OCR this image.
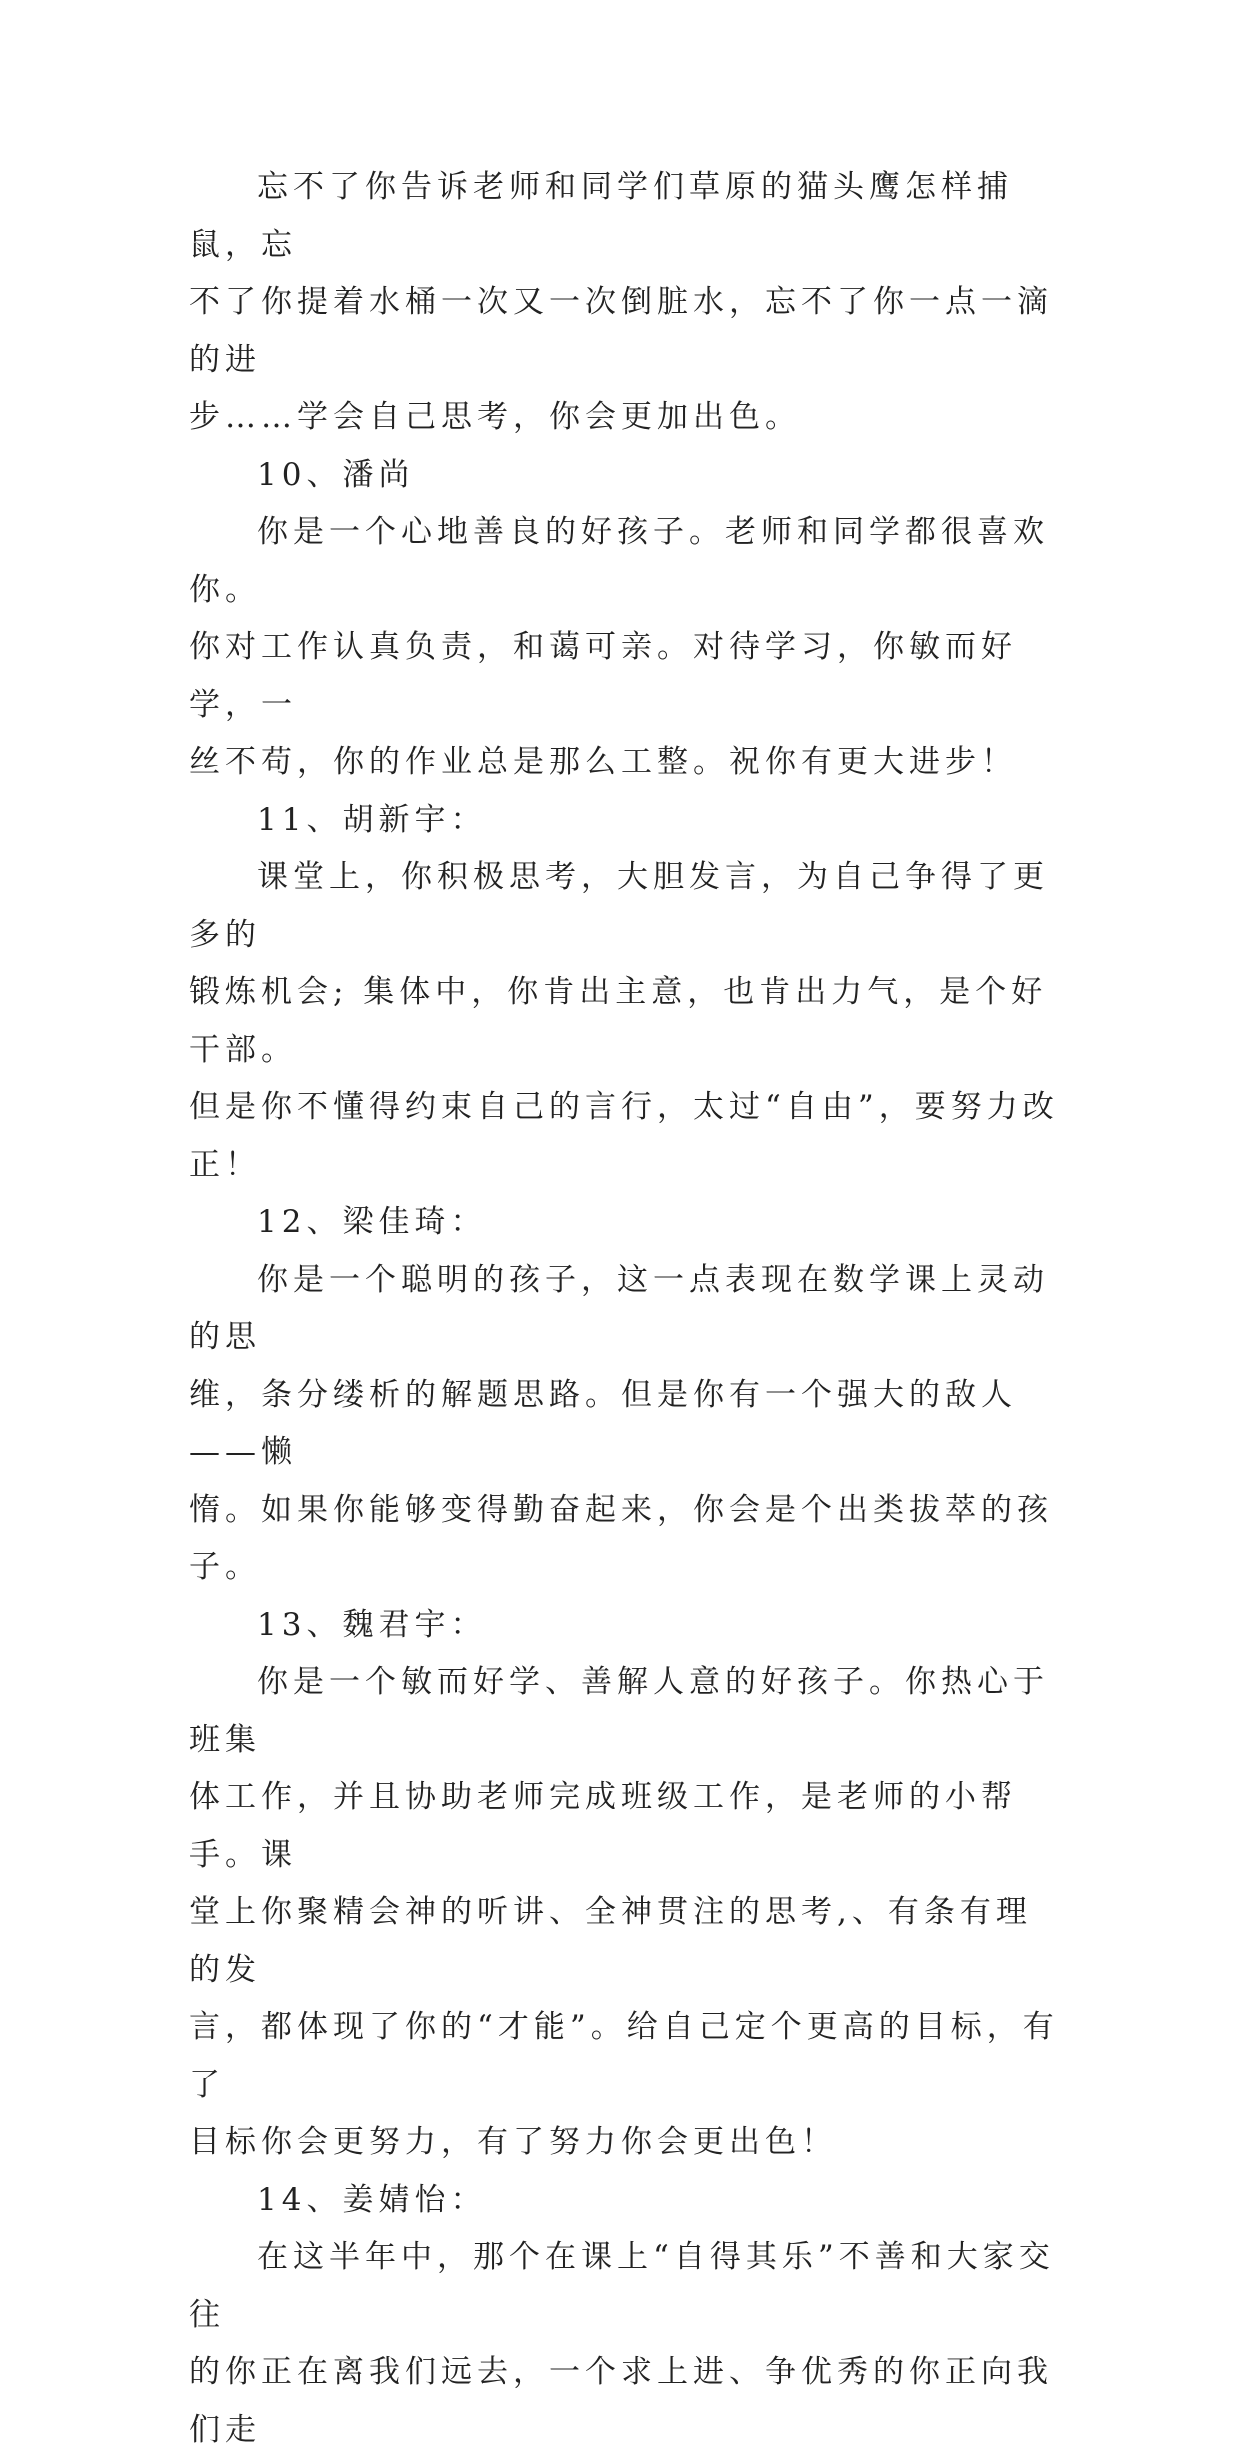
忘不了你告诉老师和同学们草原的猫头鹰怎样捕鼠，忘
不了你提着水桶一次又一次倒脏水，忘不了你一点一滴的进
步……学会自己思考，你会更加出色。

10、潘尚

你是一个心地善良的好孩子。老师和同学都很喜欢你。
你对工作认真负责，和蔼可亲。对待学习，你敏而好学，一
丝不苟，你的作业总是那么工整。祝你有更大进步！

11、胡新宇：

课堂上，你积极思考，大胆发言，为自己争得了更多的
锻炼机会; 集体中，你肯出主意，也肯出力气，是个好干部。
但是你不懂得约束自己的言行，太过“自由”，要努力改正！

12、梁佳琦：

你是一个聪明的孩子，这一点表现在数学课上灵动的思
维，条分缕析的解题思路。但是你有一个强大的敌人——懒
惰。如果你能够变得勤奋起来，你会是个出类拔萃的孩子。

13、魏君宇：

你是一个敏而好学、善解人意的好孩子。你热心于班集
体工作，并且协助老师完成班级工作，是老师的小帮手。课
堂上你聚精会神的听讲、全神贯注的思考,、有条有理的发
言，都体现了你的“才能”。给自己定个更高的目标，有了
目标你会更努力，有了努力你会更出色！

14、姜婧怡：

在这半年中，那个在课上“自得其乐”不善和大家交往
的你正在离我们远去，一个求上进、争优秀的你正向我们走
